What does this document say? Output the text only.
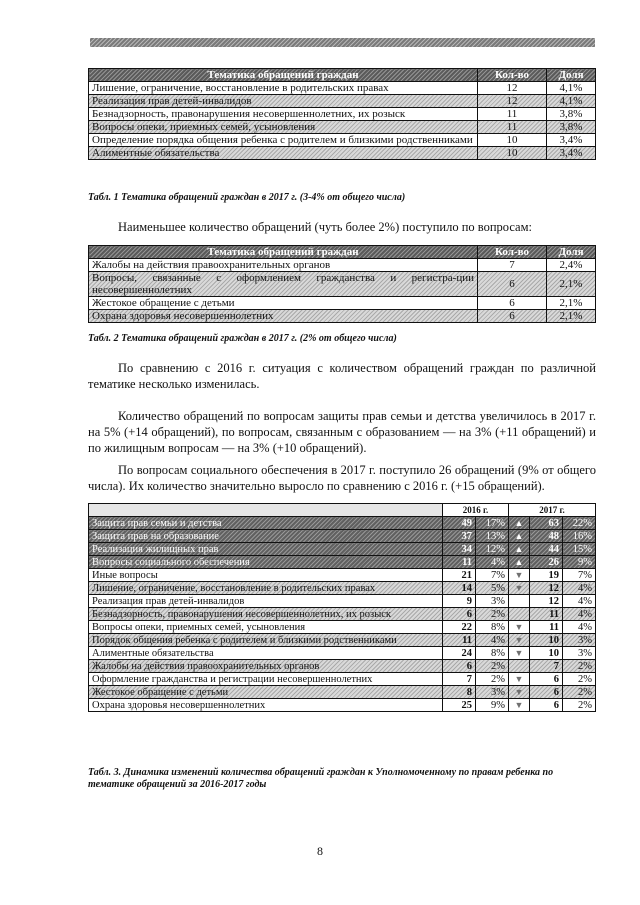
Тематика обращений граждан	Кол-во	Доля
Лишение, ограничение, восстановление в родительских правах	12	4,1%
Реализация прав детей-инвалидов	12	4,1%
Безнадзорность, правонарушения несовершеннолетних, их розыск	11	3,8%
Вопросы опеки, приемных семей, усыновления	11	3,8%
Определение порядка общения ребенка с родителем и близкими родственниками	10	3,4%
Алиментные обязательства	10	3,4%
Табл. 1 Тематика обращений граждан в 2017 г. (3-4% от общего числа)

Наименьшее количество обращений (чуть более 2%) поступило по вопросам:

Тематика обращений граждан	Кол-во	Доля
Жалобы на действия правоохранительных органов	7	2,4%
Вопросы, связанные с оформлением гражданства и регистра-ции несовершеннолетних	6	2,1%
Жестокое обращение с детьми	6	2,1%
Охрана здоровья несовершеннолетних	6	2,1%
Табл. 2 Тематика обращений граждан в 2017 г. (2% от общего числа)

По сравнению с 2016 г. ситуация с количеством обращений граждан по различной тематике несколько изменилась.

Количество обращений по вопросам защиты прав семьи и детства увеличилось в 2017 г. на 5% (+14 обращений), по вопросам, связанным с образованием — на 3% (+11 обращений) и по жилищным вопросам — на 3% (+10 обращений).

По вопросам социального обеспечения в 2017 г. поступило 26 обращений (9% от общего числа). Их количество значительно выросло по сравнению с 2016 г. (+15 обращений).

	2016 г.		2017 г.		
Защита прав семьи и детства	49	17%	▲	63	22%
Защита прав на образование	37	13%	▲	48	16%
Реализация жилищных прав	34	12%	▲	44	15%
Вопросы социального обеспечения	11	4%	▲	26	9%
Иные вопросы	21	7%	▼	19	7%
Лишение, ограничение, восстановление в родительских правах	14	5%	▼	12	4%
Реализация прав детей-инвалидов	9	3%		12	4%
Безнадзорность, правонарушения несовершеннолетних, их розыск	6	2%		11	4%
Вопросы опеки, приемных семей, усыновления	22	8%	▼	11	4%
Порядок общения ребенка с родителем и близкими родственниками	11	4%	▼	10	3%
Алиментные обязательства	24	8%	▼	10	3%
Жалобы на действия правоохранительных органов	6	2%		7	2%
Оформление гражданства и регистрации несовершеннолетних	7	2%	▼	6	2%
Жестокое обращение с детьми	8	3%	▼	6	2%
Охрана здоровья несовершеннолетних	25	9%	▼	6	2%
Табл. 3. Динамика изменений количества обращений граждан к Уполномоченному по правам ребенка по тематике обращений за 2016-2017 годы
8
